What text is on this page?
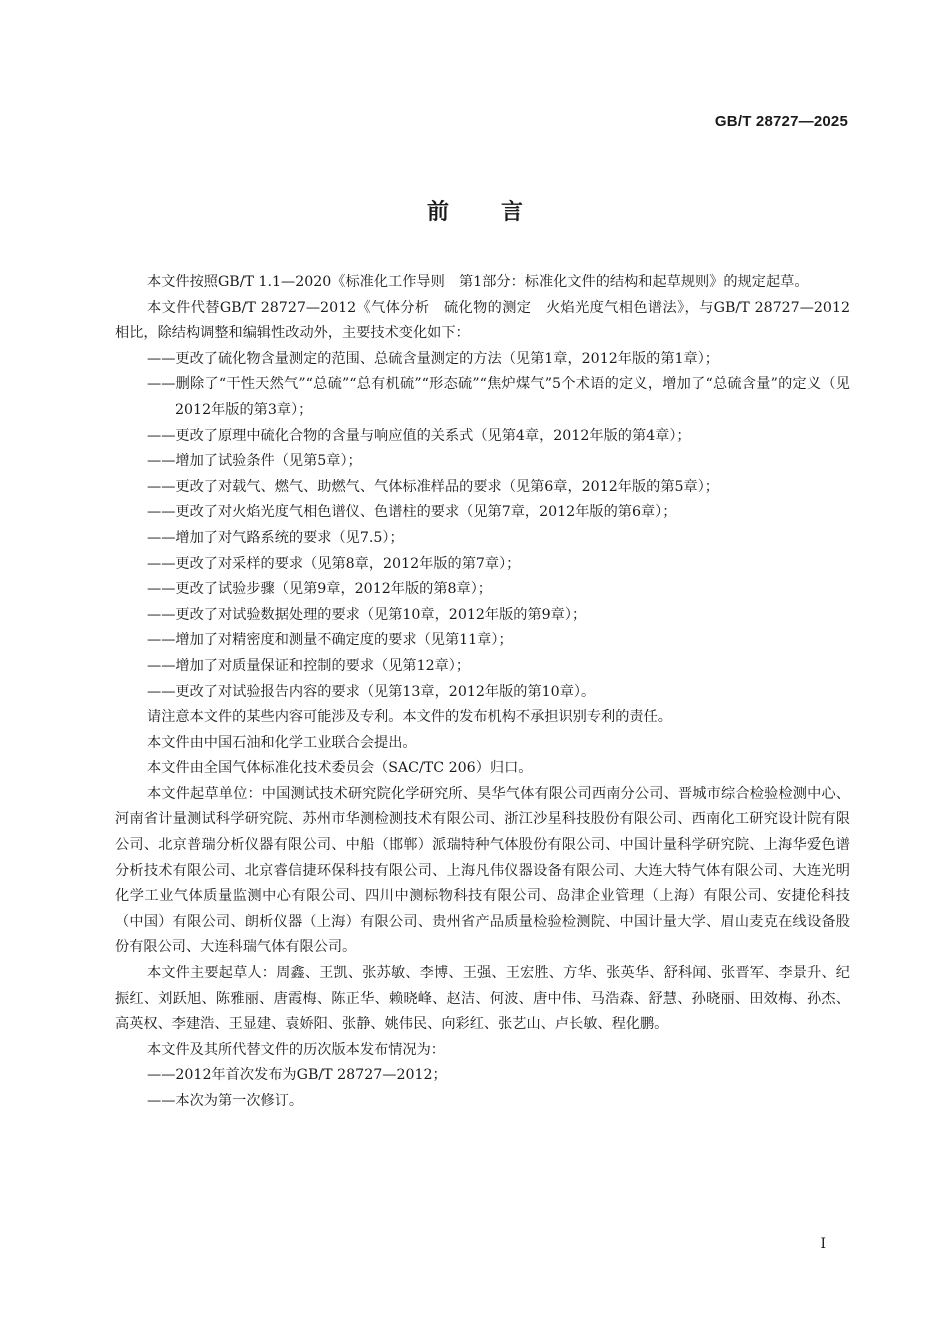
GB/T 28727—2025
前言

本文件按照GB/T 1.1—2020《标准化工作导则　第1部分：标准化文件的结构和起草规则》的规定起草。

本文件代替GB/T 28727—2012《气体分析　硫化物的测定　火焰光度气相色谱法》，与GB/T 28727—2012相比，除结构调整和编辑性改动外，主要技术变化如下：

——更改了硫化物含量测定的范围、总硫含量测定的方法（见第1章，2012年版的第1章）；

——删除了“干性天然气”“总硫”“总有机硫”“形态硫”“焦炉煤气”5个术语的定义，增加了“总硫含量”的定义（见2012年版的第3章）；

——更改了原理中硫化合物的含量与响应值的关系式（见第4章，2012年版的第4章）；

——增加了试验条件（见第5章）；

——更改了对载气、燃气、助燃气、气体标准样品的要求（见第6章，2012年版的第5章）；

——更改了对火焰光度气相色谱仪、色谱柱的要求（见第7章，2012年版的第6章）；

——增加了对气路系统的要求（见7.5）；

——更改了对采样的要求（见第8章，2012年版的第7章）；

——更改了试验步骤（见第9章，2012年版的第8章）；

——更改了对试验数据处理的要求（见第10章，2012年版的第9章）；

——增加了对精密度和测量不确定度的要求（见第11章）；

——增加了对质量保证和控制的要求（见第12章）；

——更改了对试验报告内容的要求（见第13章，2012年版的第10章）。

请注意本文件的某些内容可能涉及专利。本文件的发布机构不承担识别专利的责任。

本文件由中国石油和化学工业联合会提出。

本文件由全国气体标准化技术委员会（SAC/TC 206）归口。

本文件起草单位：中国测试技术研究院化学研究所、昊华气体有限公司西南分公司、晋城市综合检验检测中心、河南省计量测试科学研究院、苏州市华测检测技术有限公司、浙江沙星科技股份有限公司、西南化工研究设计院有限公司、北京普瑞分析仪器有限公司、中船（邯郸）派瑞特种气体股份有限公司、中国计量科学研究院、上海华爱色谱分析技术有限公司、北京睿信捷环保科技有限公司、上海凡伟仪器设备有限公司、大连大特气体有限公司、大连光明化学工业气体质量监测中心有限公司、四川中测标物科技有限公司、岛津企业管理（上海）有限公司、安捷伦科技（中国）有限公司、朗析仪器（上海）有限公司、贵州省产品质量检验检测院、中国计量大学、眉山麦克在线设备股份有限公司、大连科瑞气体有限公司。

本文件主要起草人：周鑫、王凯、张苏敏、李博、王强、王宏胜、方华、张英华、舒科闻、张晋军、李景升、纪振红、刘跃旭、陈雅丽、唐霞梅、陈正华、赖晓峰、赵洁、何波、唐中伟、马浩森、舒慧、孙晓丽、田效梅、孙杰、高英权、李建浩、王显建、袁娇阳、张静、姚伟民、向彩红、张艺山、卢长敏、程化鹏。

本文件及其所代替文件的历次版本发布情况为：

——2012年首次发布为GB/T 28727—2012；

——本次为第一次修订。

I
